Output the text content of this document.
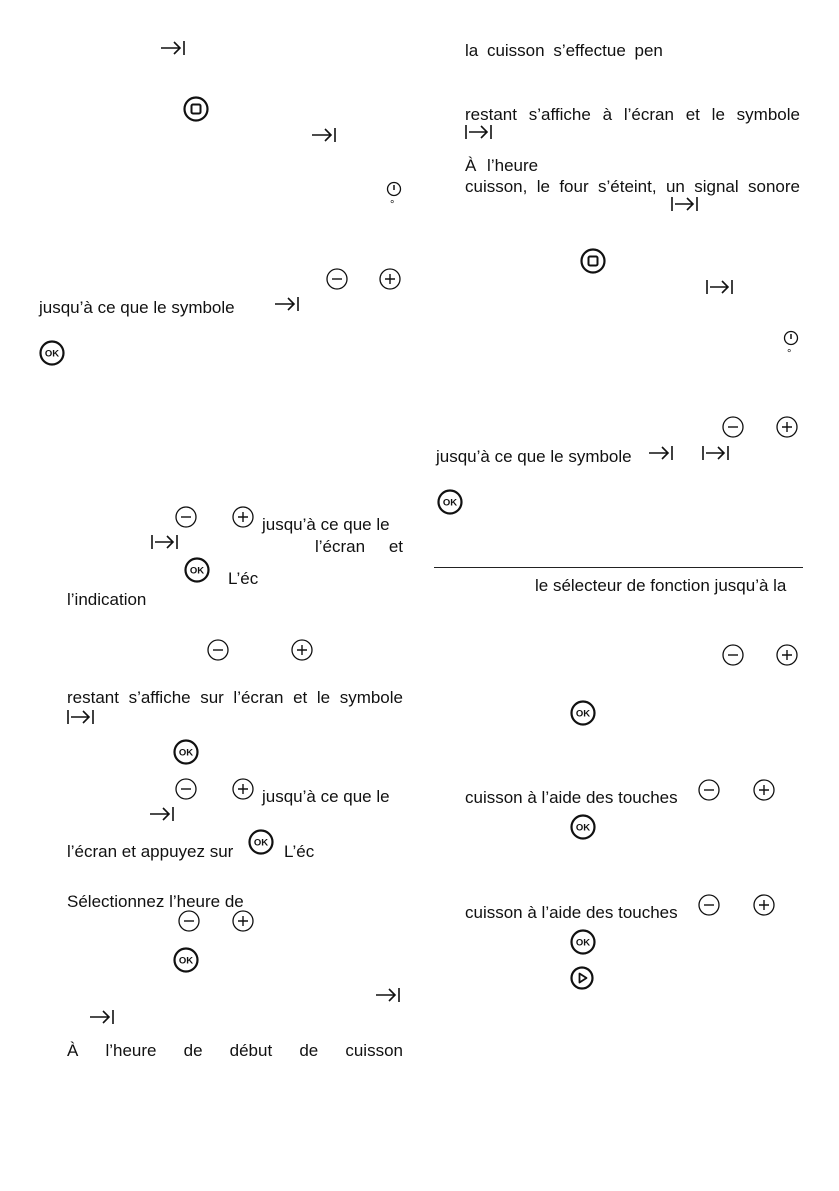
°
jusqu’à ce que le symbole
OK
jusqu’à ce que le
l’écran et
OK L’éc
l’indication
restant s’affiche sur l’écran et le symbole
OK
jusqu’à ce que le
l’écran et appuyez sur OK L’éc
Sélectionnez l’heure de
OK
À l’heure de début de cuisson
la cuisson s’effectue pen
restant s’affiche à l’écran et le symbole
À l’heure
cuisson, le four s’éteint, un signal sonore
°
jusqu’à ce que le symbole
OK
le sélecteur de fonction jusqu’à la
OK
cuisson à l’aide des touches
OK
cuisson à l’aide des touches
OK
